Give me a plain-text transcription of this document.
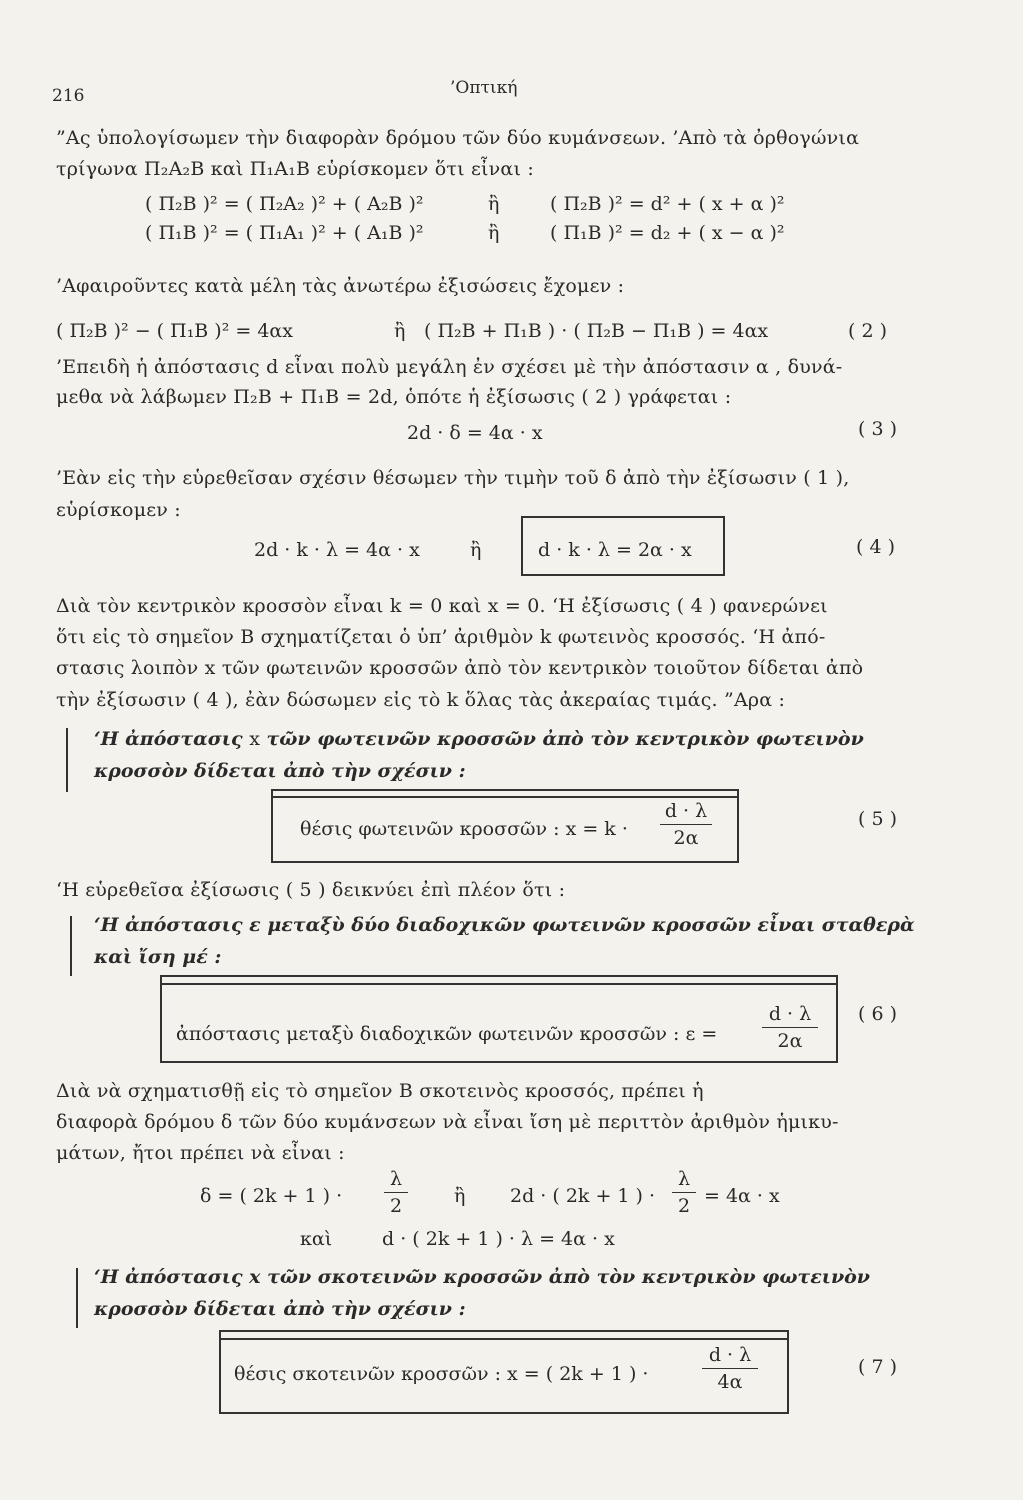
216	’Οπτική
”Ας ὑπολογίσωμεν τὴν διαφορὰν δρόμου τῶν δύο κυμάνσεων. ’Απὸ τὰ ὀρθογώνια
τρίγωνα Π₂Α₂Β καὶ Π₁Α₁Β εὑρίσκομεν ὅτι εἶναι :
( Π₂Β )² = ( Π₂Α₂ )² + ( Α₂Β )²	ἢ	( Π₂Β )² = d² + ( x + α )²
( Π₁Β )² = ( Π₁Α₁ )² + ( Α₁Β )²	ἢ	( Π₁Β )² = d₂ + ( x − α )²
’Αφαιροῦντες κατὰ μέλη τὰς ἀνωτέρω ἐξισώσεις ἔχομεν :
( Π₂Β )² − ( Π₁Β )² = 4αx	ἢ ( Π₂Β + Π₁Β ) · ( Π₂Β − Π₁Β ) = 4αx	( 2 )
’Επειδὴ ἡ ἀπόστασις d εἶναι πολὺ μεγάλη ἐν σχέσει μὲ τὴν ἀπόστασιν α , δυνά-
μεθα νὰ λάβωμεν Π₂Β + Π₁Β = 2d, ὁπότε ἡ ἐξίσωσις ( 2 ) γράφεται :
2d · δ = 4α · x	( 3 )
’Εὰν εἰς τὴν εὑρεθεῖσαν σχέσιν θέσωμεν τὴν τιμὴν τοῦ δ ἀπὸ τὴν ἐξίσωσιν ( 1 ),
εὑρίσκομεν :
2d · k · λ = 4α · x	ἢ	d · k · λ = 2α · x	( 4 )
Διὰ τὸν κεντρικὸν κροσσὸν εἶναι k = 0 καὶ x = 0. ‘Η ἐξίσωσις ( 4 ) φανερώνει
ὅτι εἰς τὸ σημεῖον Β σχηματίζεται ὁ ὑπ’ ἀριθμὸν k φωτεινὸς κροσσός. ‘Η ἀπό-
στασις λοιπὸν x τῶν φωτεινῶν κροσσῶν ἀπὸ τὸν κεντρικὸν τοιοῦτον δίδεται ἀπὸ
τὴν ἐξίσωσιν ( 4 ), ἐὰν δώσωμεν εἰς τὸ k ὅλας τὰς ἀκεραίας τιμάς. ”Αρα :
‘Η ἀπόστασις x τῶν φωτεινῶν κροσσῶν ἀπὸ τὸν κεντρικὸν φωτεινὸν
κροσσὸν δίδεται ἀπὸ τὴν σχέσιν :
θέσις φωτεινῶν κροσσῶν : x = k ·
d · λ
2α
( 5 )
‘Η εὑρεθεῖσα ἐξίσωσις ( 5 ) δεικνύει ἐπὶ πλέον ὅτι :
‘Η ἀπόστασις ε μεταξὺ δύο διαδοχικῶν φωτεινῶν κροσσῶν εἶναι σταθερὰ
καὶ ἴση μέ :
ἀπόστασις μεταξὺ διαδοχικῶν φωτεινῶν κροσσῶν : ε =
d · λ
2α
( 6 )
Διὰ νὰ σχηματισθῇ εἰς τὸ σημεῖον Β σκοτεινὸς κροσσός, πρέπει ἡ
διαφορὰ δρόμου δ τῶν δύο κυμάνσεων νὰ εἶναι ἴση μὲ περιττὸν ἀριθμὸν ἡμικυ-
μάτων, ἤτοι πρέπει νὰ εἶναι :
δ = ( 2k + 1 ) ·
λ
2	ἢ 2d · ( 2k + 1 ) ·
λ
2 = 4α · x
καὶ	d · ( 2k + 1 ) · λ = 4α · x
‘Η ἀπόστασις x τῶν σκοτεινῶν κροσσῶν ἀπὸ τὸν κεντρικὸν φωτεινὸν
κροσσὸν δίδεται ἀπὸ τὴν σχέσιν :
θέσις σκοτεινῶν κροσσῶν : x = ( 2k + 1 ) ·
d · λ
4α
( 7 )
